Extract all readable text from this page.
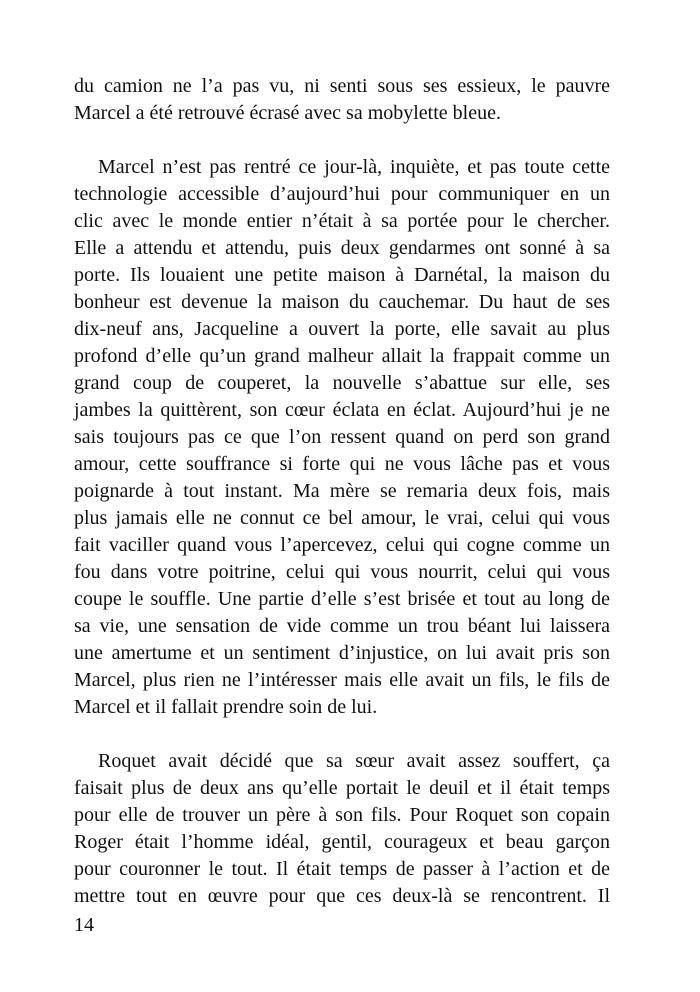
du camion ne l’a pas vu, ni senti sous ses essieux, le pauvre
Marcel a été retrouvé écrasé avec sa mobylette bleue.
Marcel n’est pas rentré ce jour-là, inquiète, et pas toute cette
technologie accessible d’aujourd’hui pour communiquer en un
clic avec le monde entier n’était à sa portée pour le chercher.
Elle a attendu et attendu, puis deux gendarmes ont sonné à sa
porte. Ils louaient une petite maison à Darnétal, la maison du
bonheur est devenue la maison du cauchemar. Du haut de ses
dix-neuf ans, Jacqueline a ouvert la porte, elle savait au plus
profond d’elle qu’un grand malheur allait la frappait comme un
grand coup de couperet, la nouvelle s’abattue sur elle, ses
jambes la quittèrent, son cœur éclata en éclat. Aujourd’hui je ne
sais toujours pas ce que l’on ressent quand on perd son grand
amour, cette souffrance si forte qui ne vous lâche pas et vous
poignarde à tout instant. Ma mère se remaria deux fois, mais
plus jamais elle ne connut ce bel amour, le vrai, celui qui vous
fait vaciller quand vous l’apercevez, celui qui cogne comme un
fou dans votre poitrine, celui qui vous nourrit, celui qui vous
coupe le souffle. Une partie d’elle s’est brisée et tout au long de
sa vie, une sensation de vide comme un trou béant lui laissera
une amertume et un sentiment d’injustice, on lui avait pris son
Marcel, plus rien ne l’intéresser mais elle avait un fils, le fils de
Marcel et il fallait prendre soin de lui.
Roquet avait décidé que sa sœur avait assez souffert, ça
faisait plus de deux ans qu’elle portait le deuil et il était temps
pour elle de trouver un père à son fils. Pour Roquet son copain
Roger était l’homme idéal, gentil, courageux et beau garçon
pour couronner le tout. Il était temps de passer à l’action et de
mettre tout en œuvre pour que ces deux-là se rencontrent. Il
14
